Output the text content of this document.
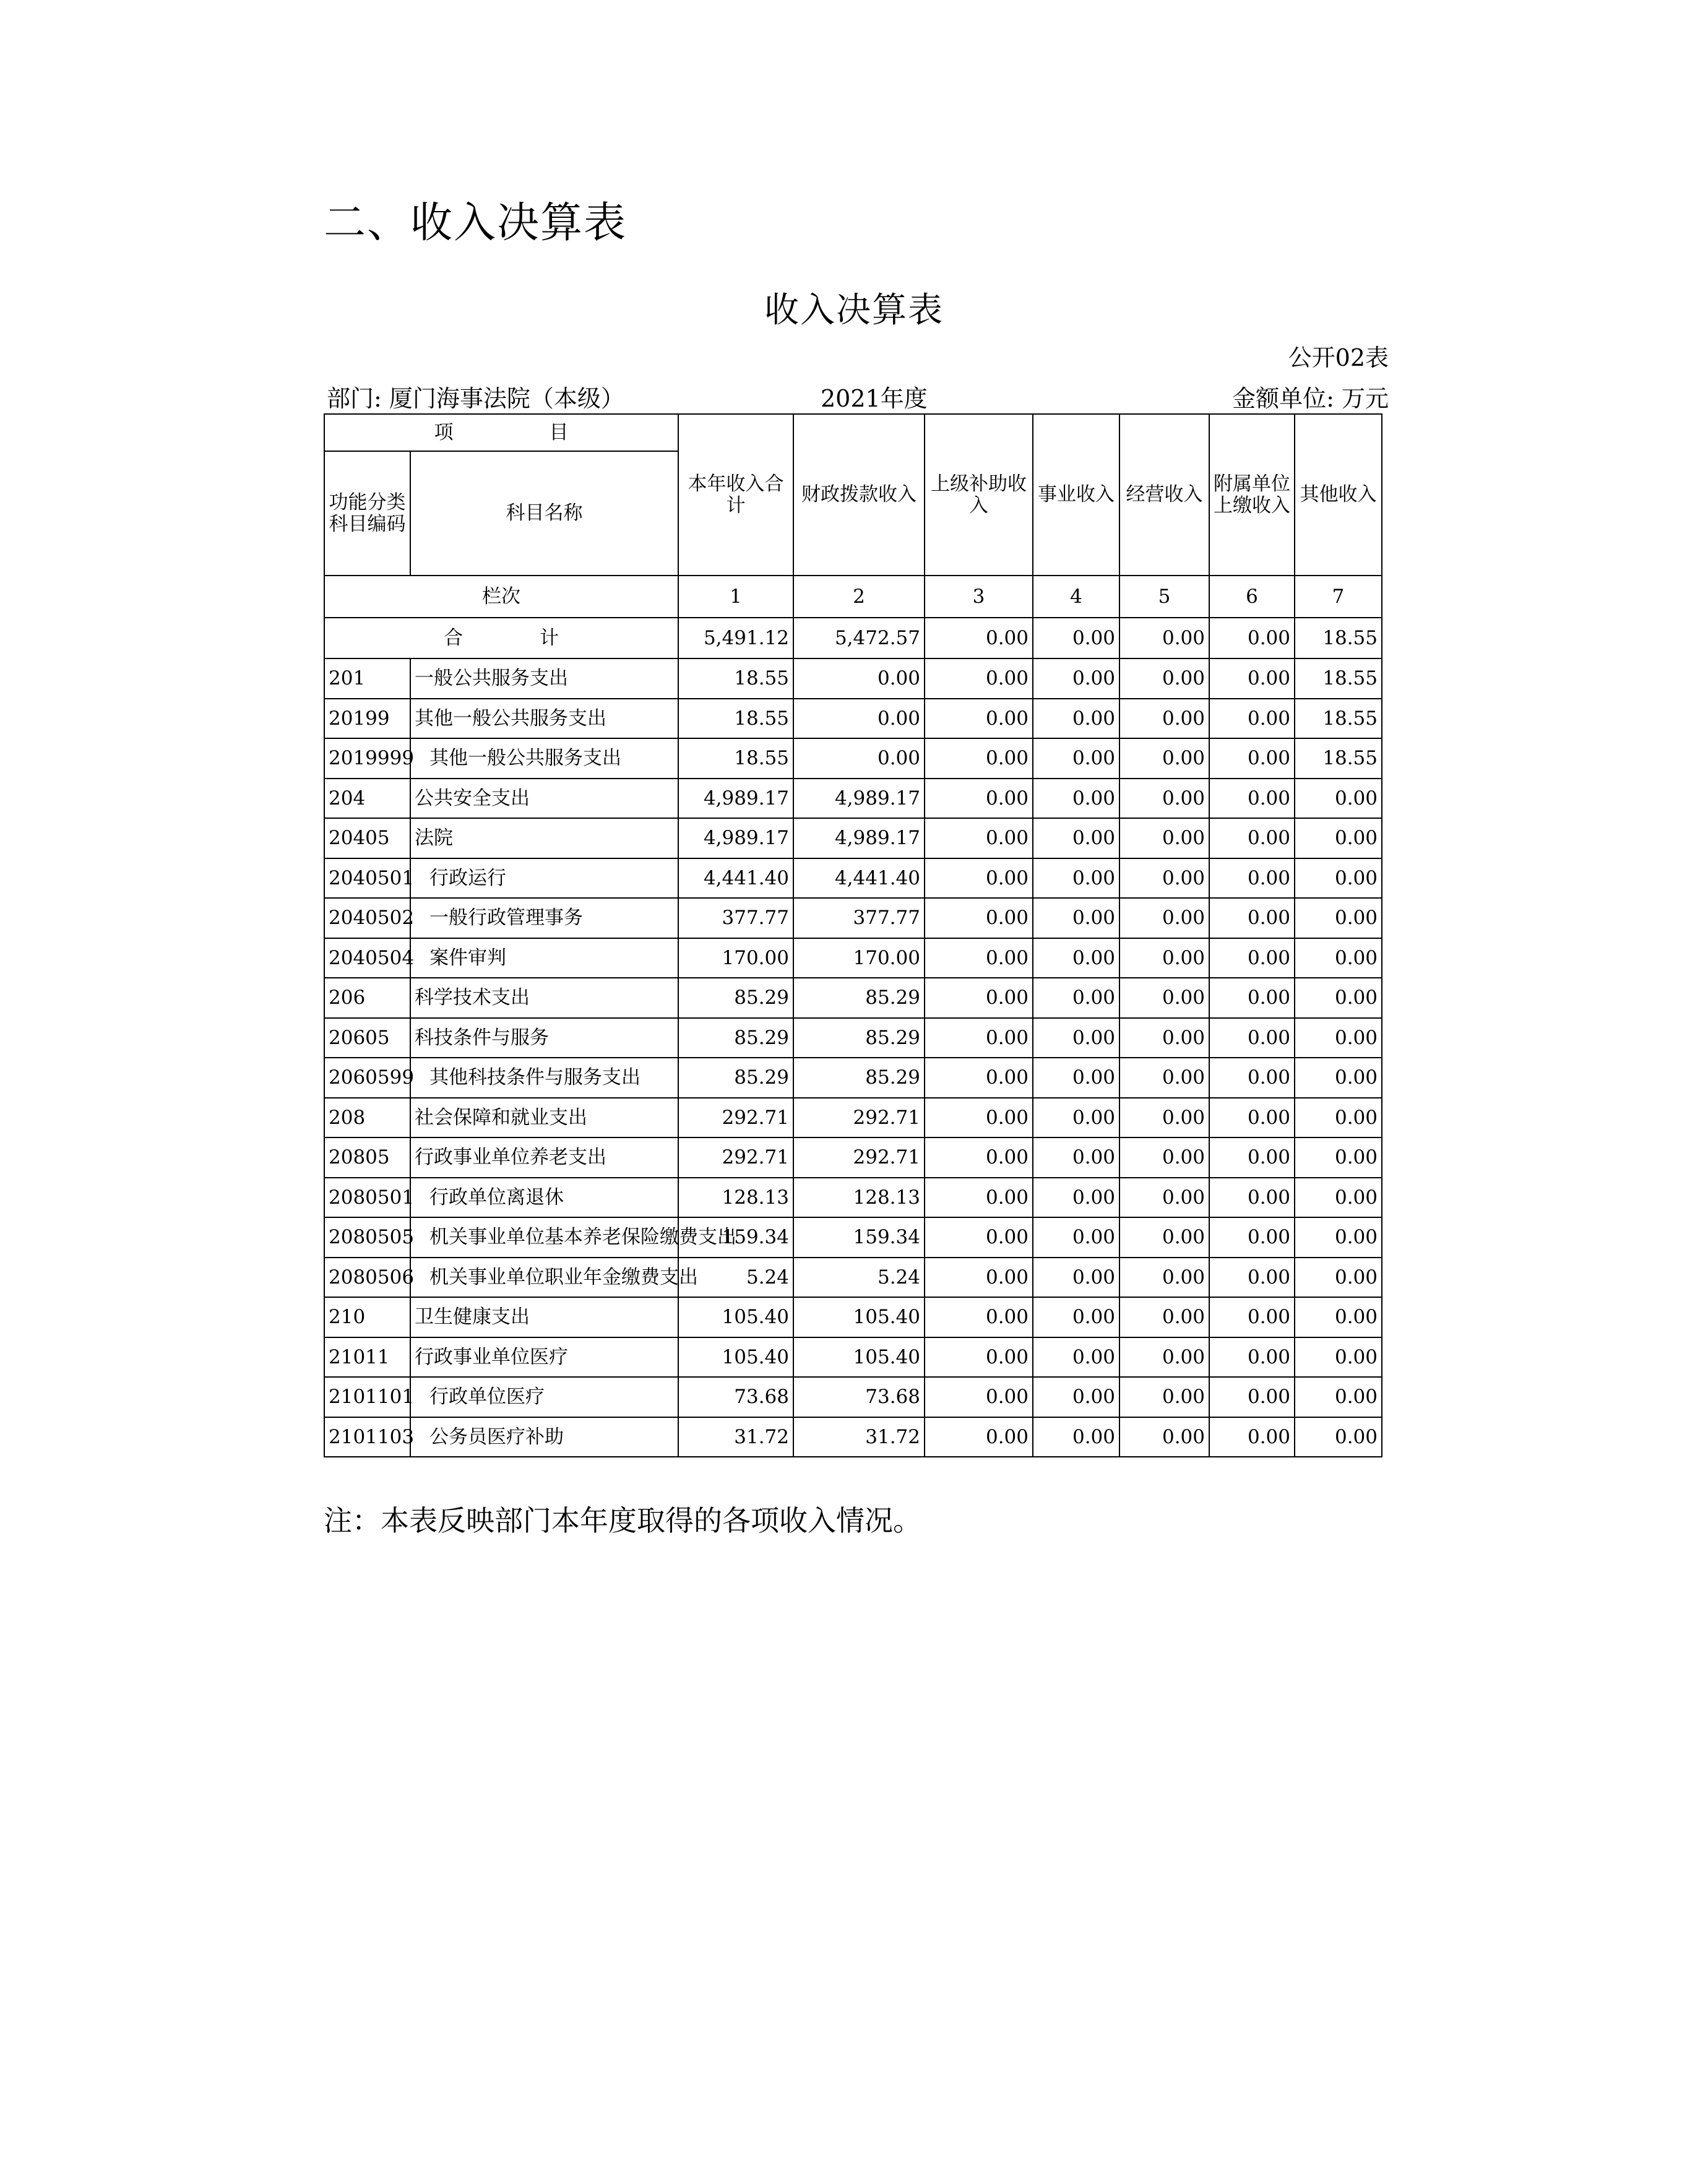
二、收入决算表
收入决算表
公开02表
部门: 厦门海事法院（本级）	2021年度	金额单位: 万元
项　　　　　目		本年收入合计	财政拨款收入	上级补助收入	事业收入	经营收入	附属单位上缴收入	其他收入
功能分类科目编码	科目名称							
栏次		1	2	3	4	5	6	7
合　　　　计		5,491.12	5,472.57	0.00	0.00	0.00	0.00	18.55
201	一般公共服务支出	18.55	0.00	0.00	0.00	0.00	0.00	18.55
20199	其他一般公共服务支出	18.55	0.00	0.00	0.00	0.00	0.00	18.55
2019999	其他一般公共服务支出	18.55	0.00	0.00	0.00	0.00	0.00	18.55
204	公共安全支出	4,989.17	4,989.17	0.00	0.00	0.00	0.00	0.00
20405	法院	4,989.17	4,989.17	0.00	0.00	0.00	0.00	0.00
2040501	行政运行	4,441.40	4,441.40	0.00	0.00	0.00	0.00	0.00
2040502	一般行政管理事务	377.77	377.77	0.00	0.00	0.00	0.00	0.00
2040504	案件审判	170.00	170.00	0.00	0.00	0.00	0.00	0.00
206	科学技术支出	85.29	85.29	0.00	0.00	0.00	0.00	0.00
20605	科技条件与服务	85.29	85.29	0.00	0.00	0.00	0.00	0.00
2060599	其他科技条件与服务支出	85.29	85.29	0.00	0.00	0.00	0.00	0.00
208	社会保障和就业支出	292.71	292.71	0.00	0.00	0.00	0.00	0.00
20805	行政事业单位养老支出	292.71	292.71	0.00	0.00	0.00	0.00	0.00
2080501	行政单位离退休	128.13	128.13	0.00	0.00	0.00	0.00	0.00
2080505	机关事业单位基本养老保险缴费支出	159.34	159.34	0.00	0.00	0.00	0.00	0.00
2080506	机关事业单位职业年金缴费支出	5.24	5.24	0.00	0.00	0.00	0.00	0.00
210	卫生健康支出	105.40	105.40	0.00	0.00	0.00	0.00	0.00
21011	行政事业单位医疗	105.40	105.40	0.00	0.00	0.00	0.00	0.00
2101101	行政单位医疗	73.68	73.68	0.00	0.00	0.00	0.00	0.00
2101103	公务员医疗补助	31.72	31.72	0.00	0.00	0.00	0.00	0.00
注：本表反映部门本年度取得的各项收入情况。
